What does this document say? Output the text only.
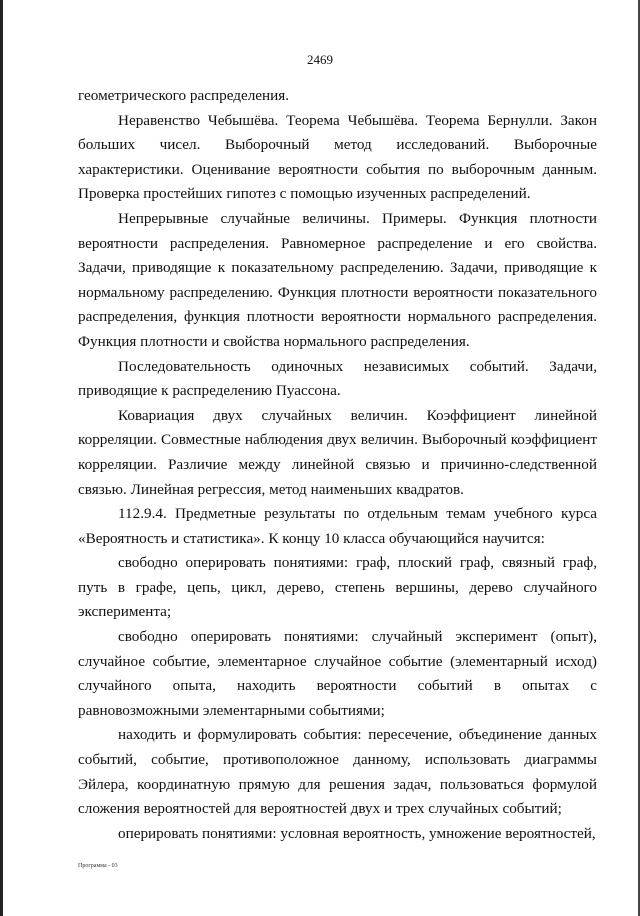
2469

геометрического распределения.

Неравенство Чебышёва. Теорема Чебышёва. Теорема Бернулли. Закон больших чисел. Выборочный метод исследований. Выборочные характеристики. Оценивание вероятности события по выборочным данным. Проверка простейших гипотез с помощью изученных распределений.

Непрерывные случайные величины. Примеры. Функция плотности вероятности распределения. Равномерное распределение и его свойства. Задачи, приводящие к показательному распределению. Задачи, приводящие к нормальному распределению. Функция плотности вероятности показательного распределения, функция плотности вероятности нормального распределения. Функция плотности и свойства нормального распределения.

Последовательность одиночных независимых событий. Задачи, приводящие к распределению Пуассона.

Ковариация двух случайных величин. Коэффициент линейной корреляции. Совместные наблюдения двух величин. Выборочный коэффициент корреляции. Различие между линейной связью и причинно-следственной связью. Линейная регрессия, метод наименьших квадратов.

112.9.4. Предметные результаты по отдельным темам учебного курса «Вероятность и статистика». К концу 10 класса обучающийся научится:

свободно оперировать понятиями: граф, плоский граф, связный граф, путь в графе, цепь, цикл, дерево, степень вершины, дерево случайного эксперимента;

свободно оперировать понятиями: случайный эксперимент (опыт), случайное событие, элементарное случайное событие (элементарный исход) случайного опыта, находить вероятности событий в опытах с равновозможными элементарными событиями;

находить и формулировать события: пересечение, объединение данных событий, событие, противоположное данному, использовать диаграммы Эйлера, координатную прямую для решения задач, пользоваться формулой сложения вероятностей для вероятностей двух и трех случайных событий;

оперировать понятиями: условная вероятность, умножение вероятностей,

Программа - 03
